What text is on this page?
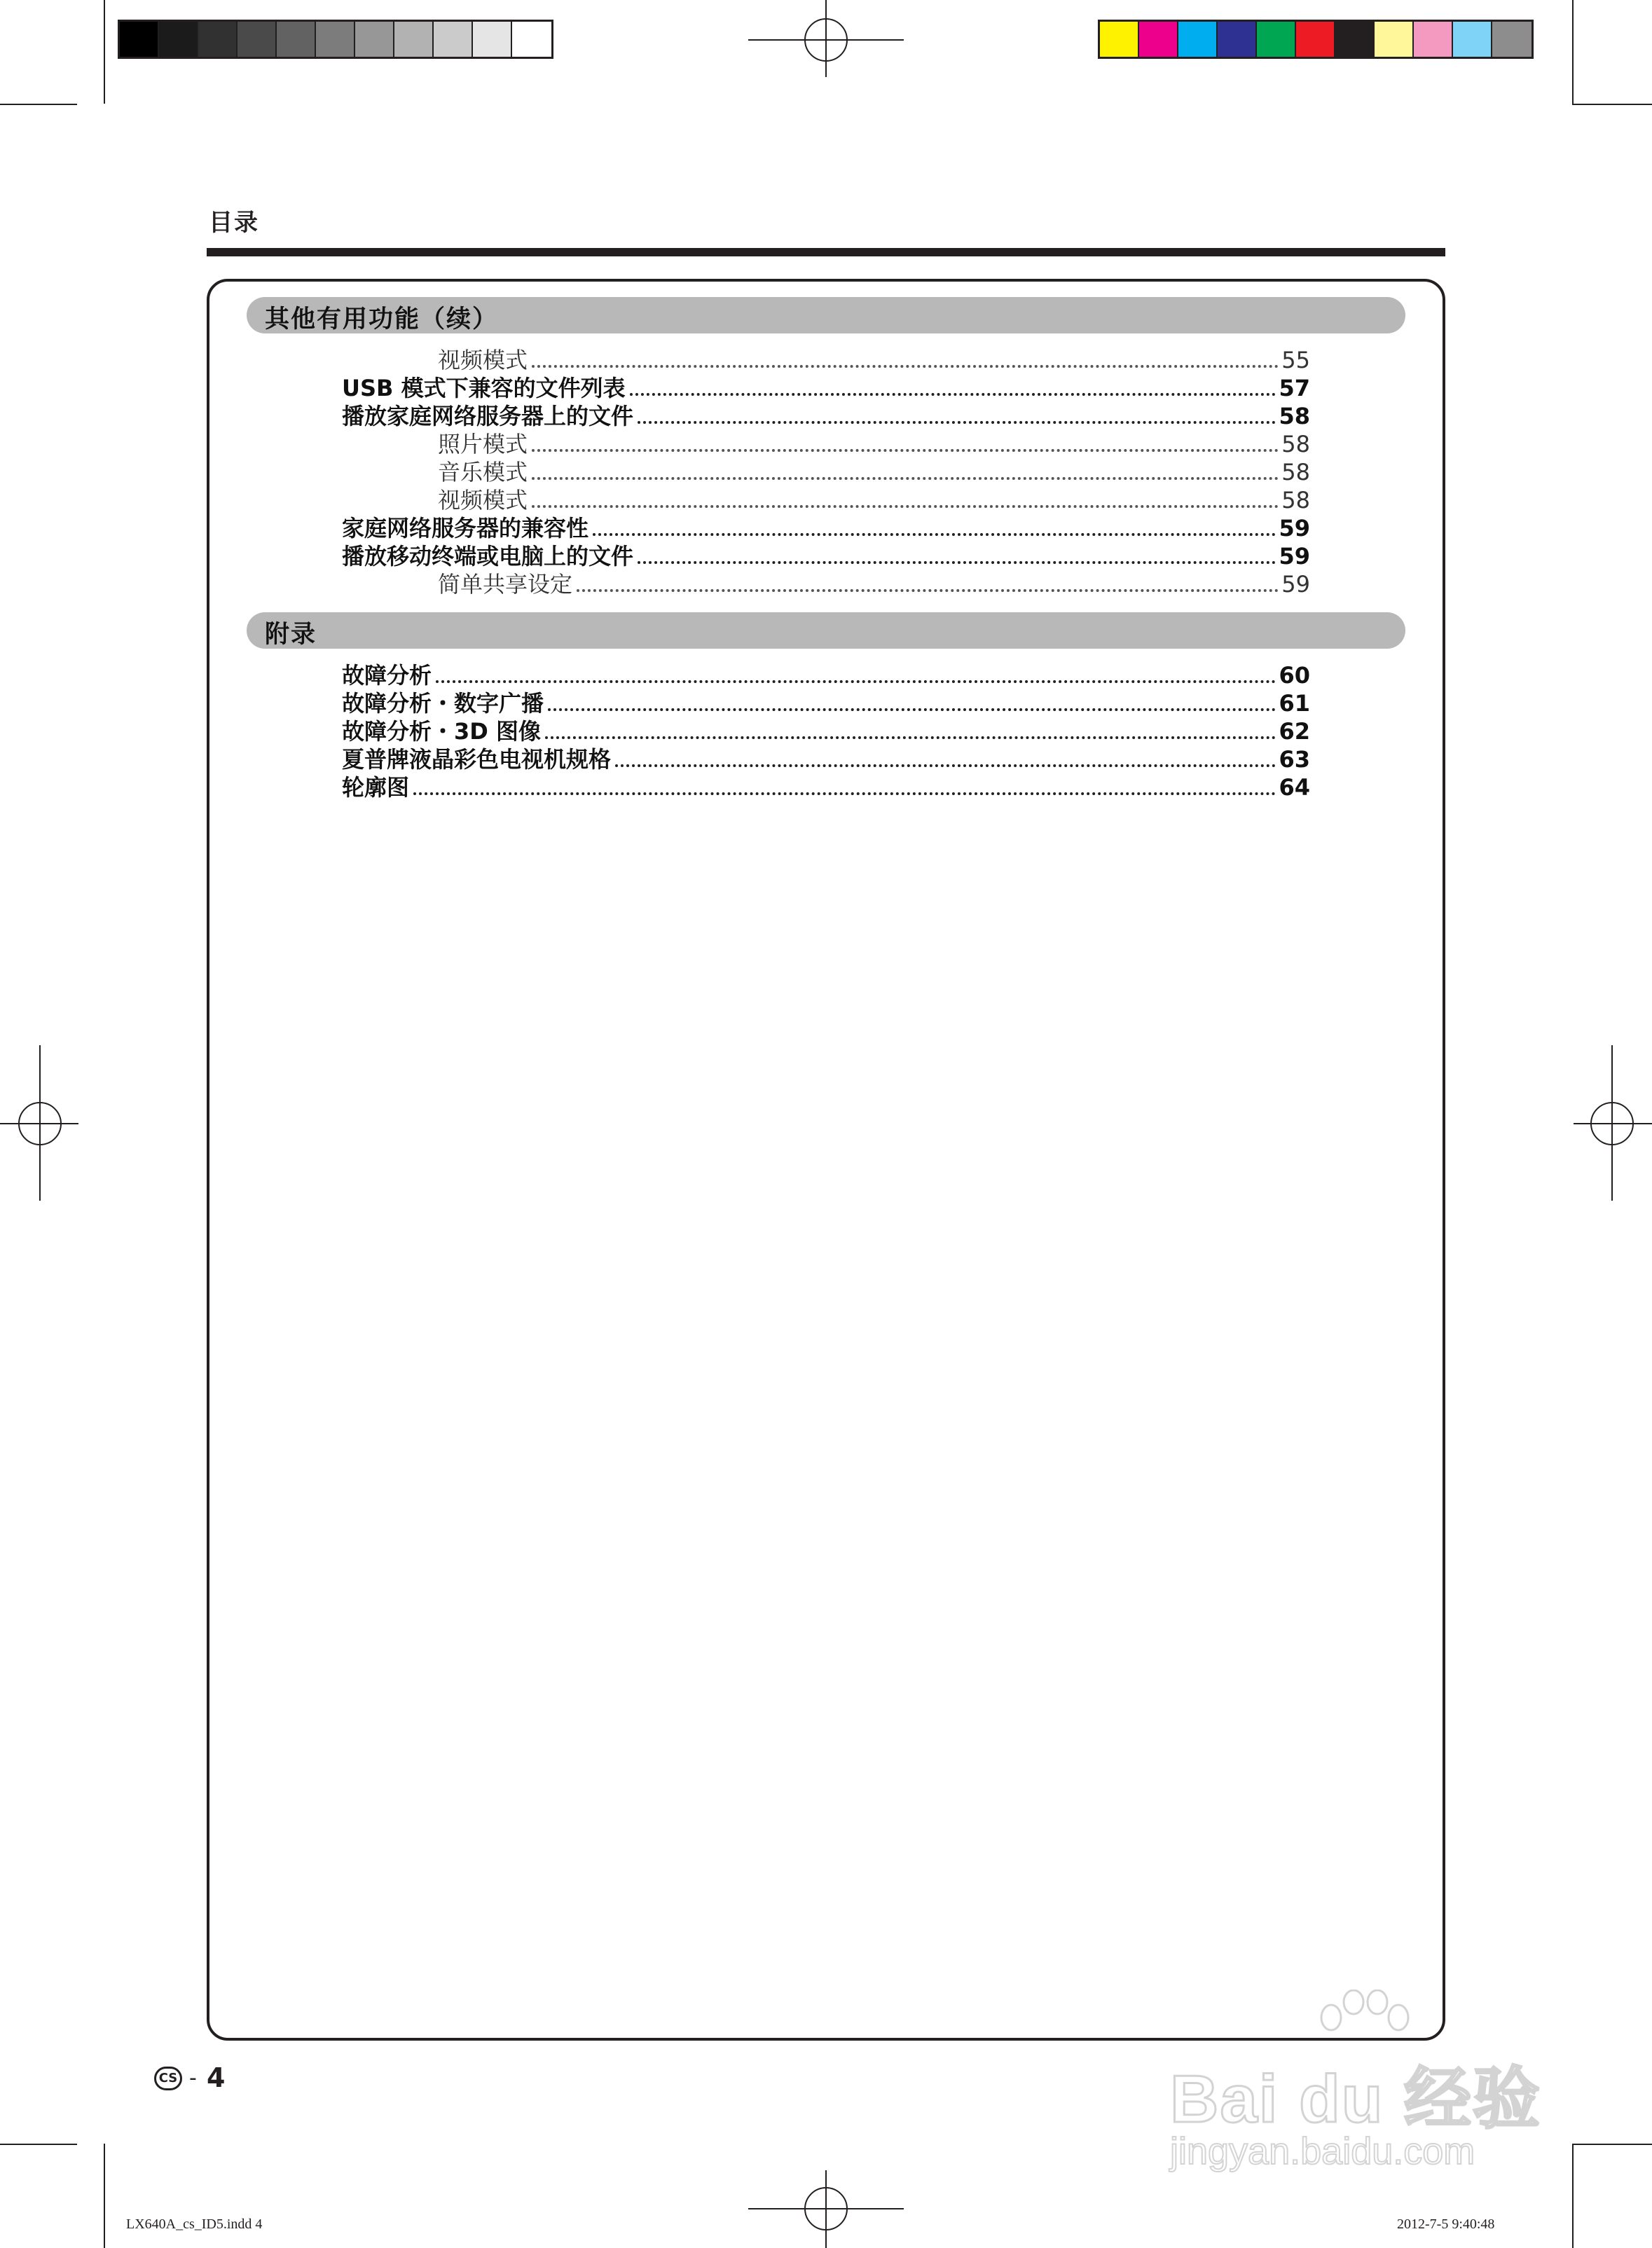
目录
其他有用功能（续）
视频模式	55
USB 模式下兼容的文件列表	57
播放家庭网络服务器上的文件	58
照片模式	58
音乐模式	58
视频模式	58
家庭网络服务器的兼容性	59
播放移动终端或电脑上的文件	59
简单共享设定	59
附录
故障分析	60
故障分析・数字广播	61
故障分析・3D 图像	62
夏普牌液晶彩色电视机规格	63
轮廓图	64
CS - 4
LX640A_cs_ID5.indd 4	2012-7-5 9:40:48
Bai du 经验
jingyan.baidu.com
